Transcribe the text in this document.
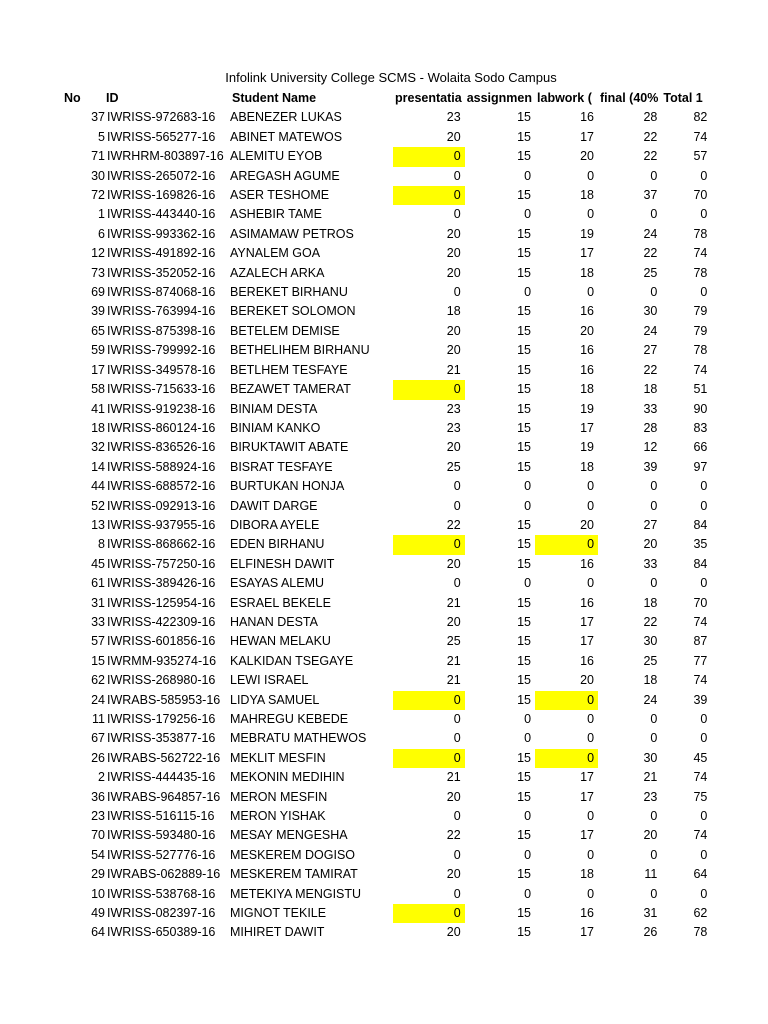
Infolink University College SCMS - Wolaita Sodo Campus
No	ID	Student Name	presentatia	assignmen	labwork (	final (40%	Total 1
37	IWRISS-972683-16	ABENEZER LUKAS	23	15	16	28	82
5	IWRISS-565277-16	ABINET MATEWOS	20	15	17	22	74
71	IWRHRM-803897-16	ALEMITU EYOB	0	15	20	22	57
30	IWRISS-265072-16	AREGASH AGUME	0	0	0	0	0
72	IWRISS-169826-16	ASER TESHOME	0	15	18	37	70
1	IWRISS-443440-16	ASHEBIR TAME	0	0	0	0	0
6	IWRISS-993362-16	ASIMAMAW PETROS	20	15	19	24	78
12	IWRISS-491892-16	AYNALEM GOA	20	15	17	22	74
73	IWRISS-352052-16	AZALECH ARKA	20	15	18	25	78
69	IWRISS-874068-16	BEREKET BIRHANU	0	0	0	0	0
39	IWRISS-763994-16	BEREKET SOLOMON	18	15	16	30	79
65	IWRISS-875398-16	BETELEM DEMISE	20	15	20	24	79
59	IWRISS-799992-16	BETHELIHEM BIRHANU	20	15	16	27	78
17	IWRISS-349578-16	BETLHEM TESFAYE	21	15	16	22	74
58	IWRISS-715633-16	BEZAWET TAMERAT	0	15	18	18	51
41	IWRISS-919238-16	BINIAM DESTA	23	15	19	33	90
18	IWRISS-860124-16	BINIAM KANKO	23	15	17	28	83
32	IWRISS-836526-16	BIRUKTAWIT ABATE	20	15	19	12	66
14	IWRISS-588924-16	BISRAT TESFAYE	25	15	18	39	97
44	IWRISS-688572-16	BURTUKAN HONJA	0	0	0	0	0
52	IWRISS-092913-16	DAWIT DARGE	0	0	0	0	0
13	IWRISS-937955-16	DIBORA AYELE	22	15	20	27	84
8	IWRISS-868662-16	EDEN BIRHANU	0	15	0	20	35
45	IWRISS-757250-16	ELFINESH DAWIT	20	15	16	33	84
61	IWRISS-389426-16	ESAYAS ALEMU	0	0	0	0	0
31	IWRISS-125954-16	ESRAEL BEKELE	21	15	16	18	70
33	IWRISS-422309-16	HANAN DESTA	20	15	17	22	74
57	IWRISS-601856-16	HEWAN MELAKU	25	15	17	30	87
15	IWRMM-935274-16	KALKIDAN TSEGAYE	21	15	16	25	77
62	IWRISS-268980-16	LEWI ISRAEL	21	15	20	18	74
24	IWRABS-585953-16	LIDYA SAMUEL	0	15	0	24	39
11	IWRISS-179256-16	MAHREGU KEBEDE	0	0	0	0	0
67	IWRISS-353877-16	MEBRATU MATHEWOS	0	0	0	0	0
26	IWRABS-562722-16	MEKLIT MESFIN	0	15	0	30	45
2	IWRISS-444435-16	MEKONIN MEDIHIN	21	15	17	21	74
36	IWRABS-964857-16	MERON MESFIN	20	15	17	23	75
23	IWRISS-516115-16	MERON YISHAK	0	0	0	0	0
70	IWRISS-593480-16	MESAY MENGESHA	22	15	17	20	74
54	IWRISS-527776-16	MESKEREM DOGISO	0	0	0	0	0
29	IWRABS-062889-16	MESKEREM TAMIRAT	20	15	18	11	64
10	IWRISS-538768-16	METEKIYA MENGISTU	0	0	0	0	0
49	IWRISS-082397-16	MIGNOT TEKILE	0	15	16	31	62
64	IWRISS-650389-16	MIHIRET DAWIT	20	15	17	26	78
